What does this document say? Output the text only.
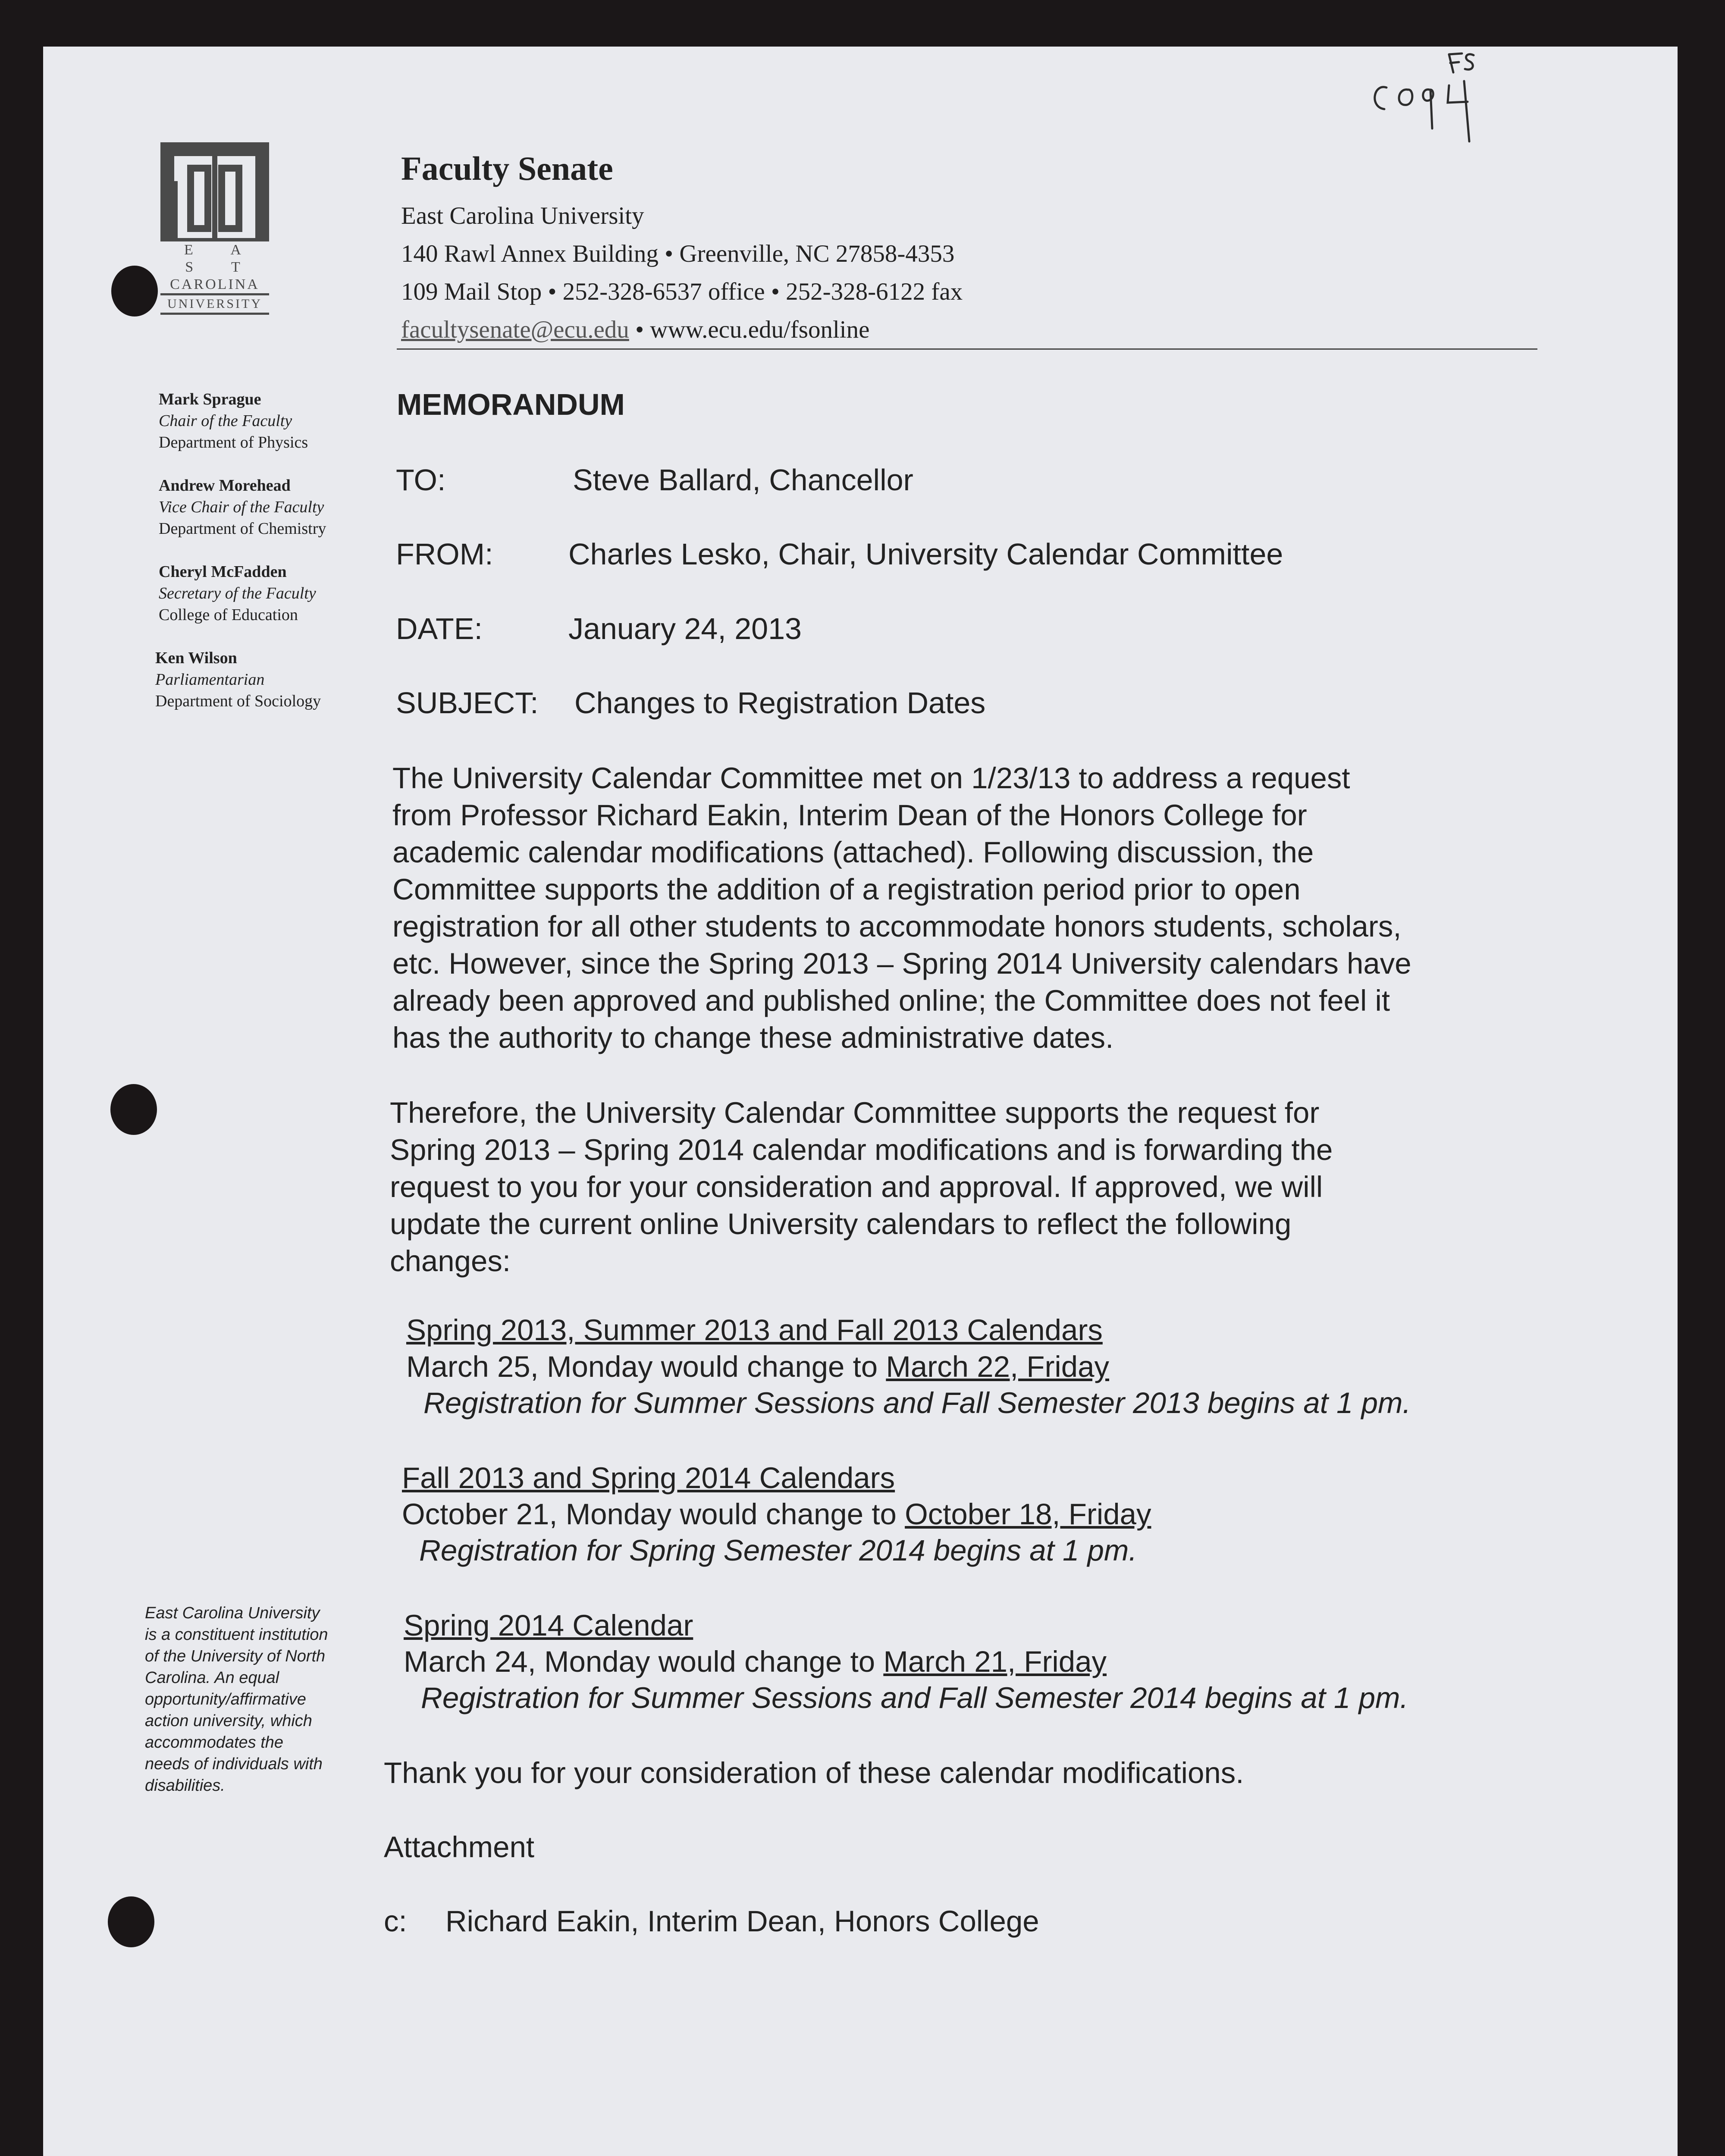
E A S T
CAROLINA
UNIVERSITY
Faculty Senate
East Carolina University
140 Rawl Annex Building • Greenville, NC 27858-4353
109 Mail Stop • 252-328-6537 office • 252-328-6122 fax
facultysenate@ecu.edu • www.ecu.edu/fsonline
Mark Sprague
Chair of the Faculty
Department of Physics
Andrew Morehead
Vice Chair of the Faculty
Department of Chemistry
Cheryl McFadden
Secretary of the Faculty
College of Education
Ken Wilson
Parliamentarian
Department of Sociology
East Carolina University
is a constituent institution
of the University of North
Carolina. An equal
opportunity/affirmative
action university, which
accommodates the
needs of individuals with
disabilities.
MEMORANDUM
TO:	Steve Ballard, Chancellor
FROM: Charles Lesko, Chair, University Calendar Committee
DATE:	January 24, 2013
SUBJECT: Changes to Registration Dates
The University Calendar Committee met on 1/23/13 to address a request
from Professor Richard Eakin, Interim Dean of the Honors College for
academic calendar modifications (attached). Following discussion, the
Committee supports the addition of a registration period prior to open
registration for all other students to accommodate honors students, scholars,
etc. However, since the Spring 2013 – Spring 2014 University calendars have
already been approved and published online; the Committee does not feel it
has the authority to change these administrative dates.
Therefore, the University Calendar Committee supports the request for
Spring 2013 – Spring 2014 calendar modifications and is forwarding the
request to you for your consideration and approval. If approved, we will
update the current online University calendars to reflect the following
changes:
Spring 2013, Summer 2013 and Fall 2013 Calendars
March 25, Monday would change to March 22, Friday
Registration for Summer Sessions and Fall Semester 2013 begins at 1 pm.
Fall 2013 and Spring 2014 Calendars
October 21, Monday would change to October 18, Friday
Registration for Spring Semester 2014 begins at 1 pm.
Spring 2014 Calendar
March 24, Monday would change to March 21, Friday
Registration for Summer Sessions and Fall Semester 2014 begins at 1 pm.
Thank you for your consideration of these calendar modifications.
Attachment
c: Richard Eakin, Interim Dean, Honors College
